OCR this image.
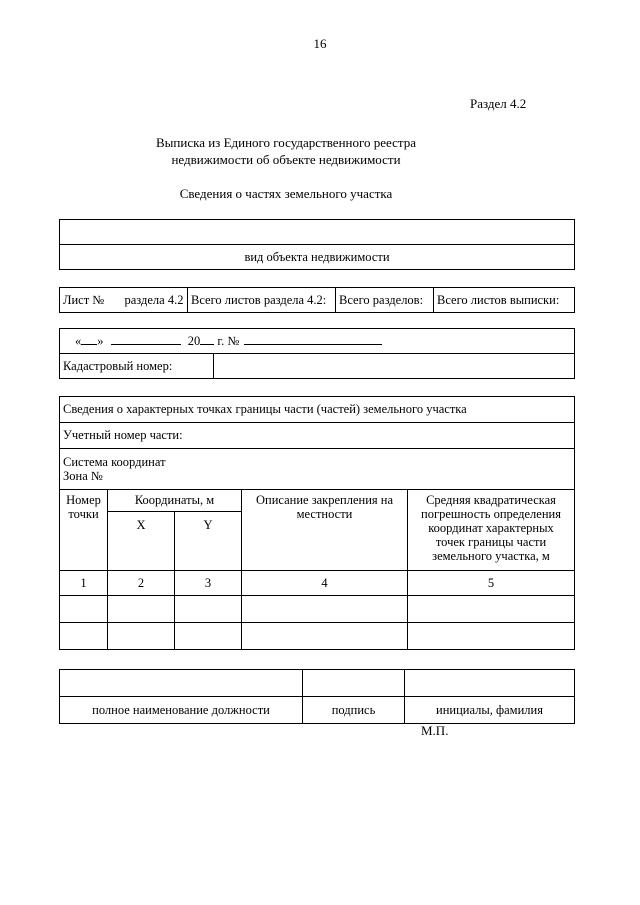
16
Раздел 4.2
Выписка из Единого государственного реестра
недвижимости об объекте недвижимости
Сведения о частях земельного участка

вид объекта недвижимости
Лист № раздела 4.2	Всего листов раздела 4.2:	Всего разделов:	Всего листов выписки:
« »	20 г. №
Кадастровый номер:	
Сведения о характерных точках границы части (частей) земельного участка				
Учетный номер части:				

Система координат
Зона №				

Номер точки	Координаты, м		Описание закрепления на местности	Средняя квадратическая погрешность определения координат характерных точек границы части земельного участка, м
	X	Y		
1	2	3	4	5

полное наименование должности	подпись	инициалы, фамилия
М.П.
